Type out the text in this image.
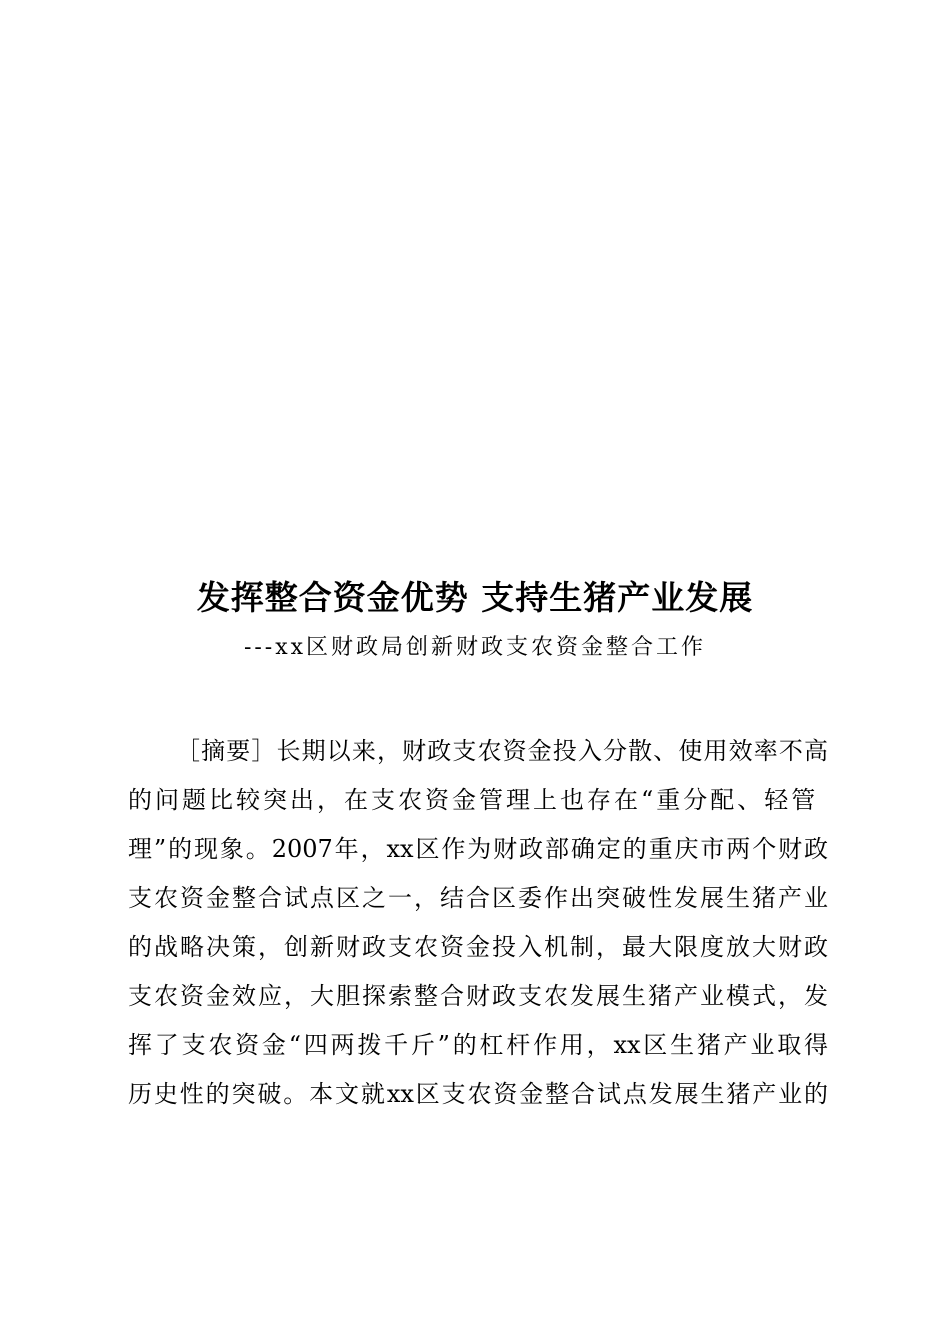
发挥整合资金优势 支持生猪产业发展
---xx区财政局创新财政支农资金整合工作
［摘要］长期以来，财政支农资金投入分散、使用效率不高
的问题比较突出，在支农资金管理上也存在“重分配、轻管
理”的现象。2007年，xx区作为财政部确定的重庆市两个财政
支农资金整合试点区之一，结合区委作出突破性发展生猪产业
的战略决策，创新财政支农资金投入机制，最大限度放大财政
支农资金效应，大胆探索整合财政支农发展生猪产业模式，发
挥了支农资金“四两拨千斤”的杠杆作用，xx区生猪产业取得
历史性的突破。本文就xx区支农资金整合试点发展生猪产业的
